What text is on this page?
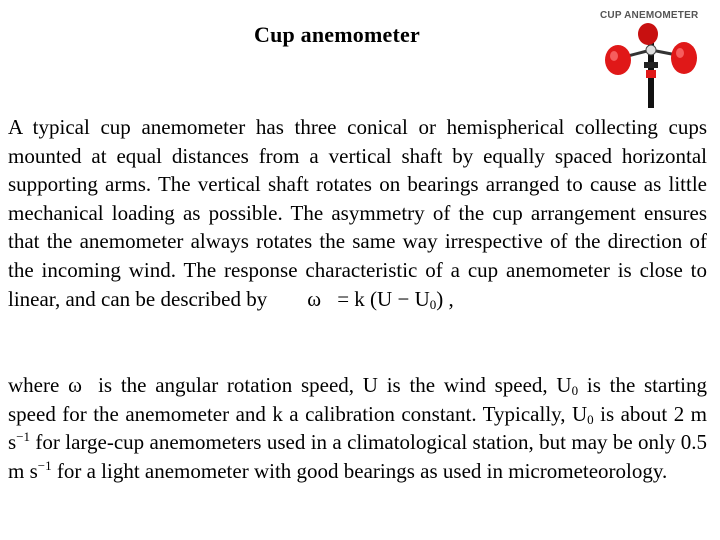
Cup anemometer
CUP ANEMOMETER
A typical cup anemometer has three conical or hemispherical collecting cups mounted at equal distances from a vertical shaft by equally spaced horizontal supporting arms. The vertical shaft rotates on bearings arranged to cause as little mechanical loading as possible. The asymmetry of the cup arrangement ensures that the anemometer always rotates the same way irrespective of the direction of the incoming wind. The response characteristic of a cup anemometer is close to linear, and can be described by ω = k $(U - U_0)$ ,
where ω is the angular rotation speed, U is the wind speed, $U_0$ is the starting speed for the anemometer and k a calibration constant. Typically, $U_0$ is about 2 m $s^{-1}$ for large-cup anemometers used in a climatological station, but may be only 0.5 m $s^{-1}$ for a light anemometer with good bearings as used in micrometeorology.
